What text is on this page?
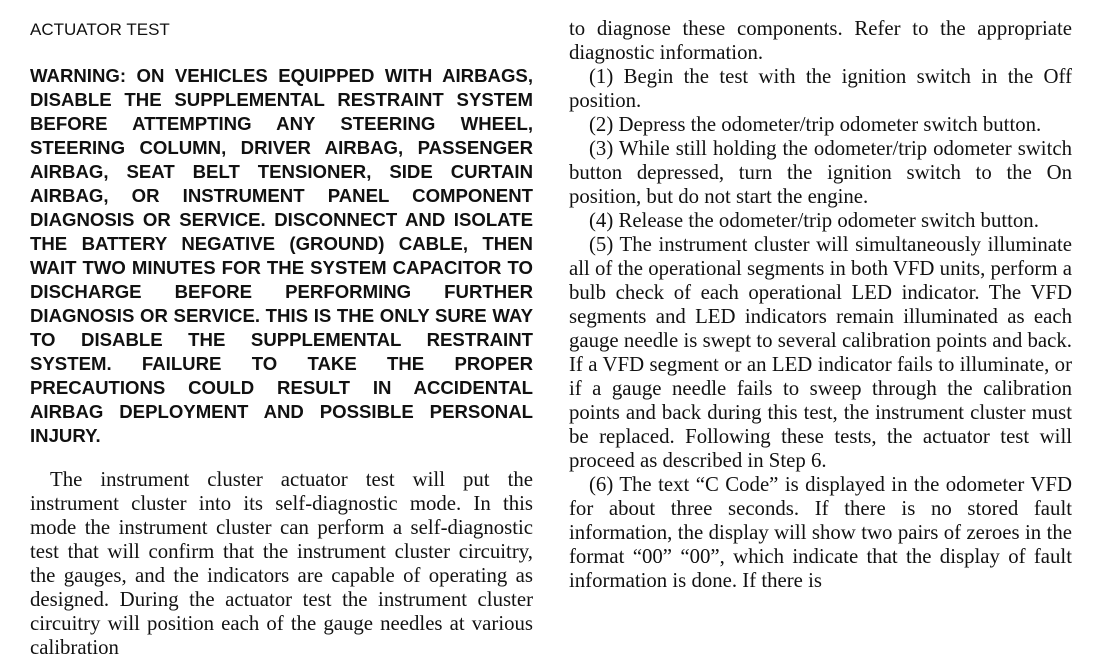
ACTUATOR TEST

WARNING: ON VEHICLES EQUIPPED WITH AIRBAGS, DISABLE THE SUPPLEMENTAL RESTRAINT SYSTEM BEFORE ATTEMPTING ANY STEERING WHEEL, STEERING COLUMN, DRIVER AIRBAG, PASSENGER AIRBAG, SEAT BELT TENSIONER, SIDE CURTAIN AIRBAG, OR INSTRUMENT PANEL COMPONENT DIAGNOSIS OR SERVICE. DISCONNECT AND ISOLATE THE BATTERY NEGATIVE (GROUND) CABLE, THEN WAIT TWO MINUTES FOR THE SYSTEM CAPACITOR TO DISCHARGE BEFORE PERFORMING FURTHER DIAGNOSIS OR SERVICE. THIS IS THE ONLY SURE WAY TO DISABLE THE SUPPLEMENTAL RESTRAINT SYSTEM. FAILURE TO TAKE THE PROPER PRECAUTIONS COULD RESULT IN ACCIDENTAL AIRBAG DEPLOYMENT AND POSSIBLE PERSONAL INJURY.

The instrument cluster actuator test will put the instrument cluster into its self-diagnostic mode. In this mode the instrument cluster can perform a self-diagnostic test that will confirm that the instrument cluster circuitry, the gauges, and the indicators are capable of operating as designed. During the actuator test the instrument cluster circuitry will position each of the gauge needles at various calibration

to diagnose these components. Refer to the appropriate diagnostic information.

(1) Begin the test with the ignition switch in the Off position.

(2) Depress the odometer/trip odometer switch button.

(3) While still holding the odometer/trip odometer switch button depressed, turn the ignition switch to the On position, but do not start the engine.

(4) Release the odometer/trip odometer switch button.

(5) The instrument cluster will simultaneously illuminate all of the operational segments in both VFD units, perform a bulb check of each operational LED indicator. The VFD segments and LED indicators remain illuminated as each gauge needle is swept to several calibration points and back. If a VFD segment or an LED indicator fails to illuminate, or if a gauge needle fails to sweep through the calibration points and back during this test, the instrument cluster must be replaced. Following these tests, the actuator test will proceed as described in Step 6.

(6) The text “C Code” is displayed in the odometer VFD for about three seconds. If there is no stored fault information, the display will show two pairs of zeroes in the format “00” “00”, which indicate that the display of fault information is done. If there is
